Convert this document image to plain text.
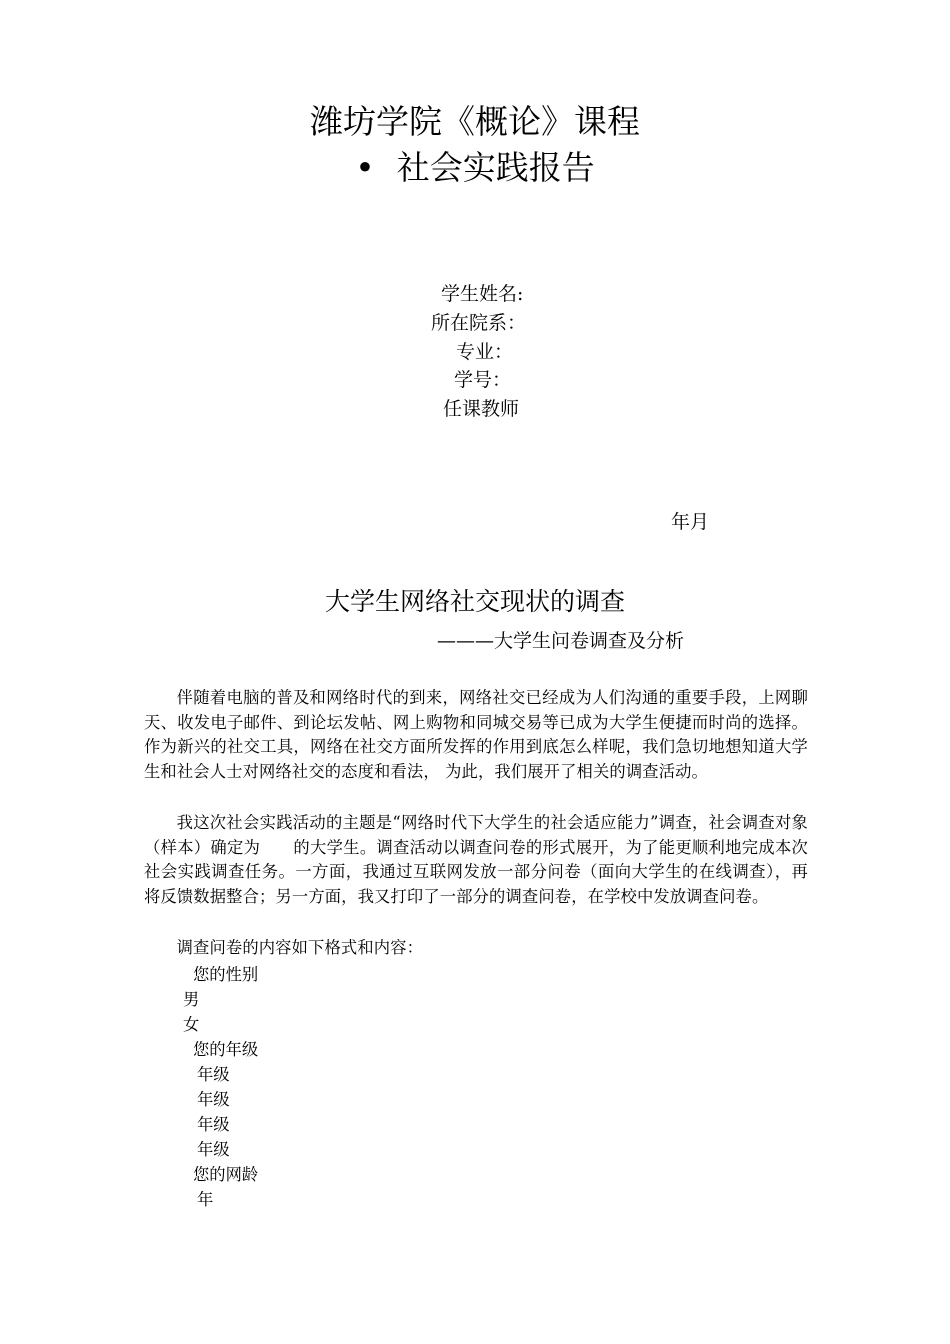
潍坊学院《概论》课程
• 社会实践报告
学生姓名:
所在院系：
专业：
学号：
任课教师
年月
大学生网络社交现状的调查
———大学生问卷调查及分析

伴随着电脑的普及和网络时代的到来，网络社交已经成为人们沟通的重要手段，上网聊天、收发电子邮件、到论坛发帖、网上购物和同城交易等已成为大学生便捷而时尚的选择。作为新兴的社交工具，网络在社交方面所发挥的作用到底怎么样呢，我们急切地想知道大学生和社会人士对网络社交的态度和看法， 为此，我们展开了相关的调查活动。

我这次社会实践活动的主题是“网络时代下大学生的社会适应能力”调查，社会调查对象（样本）确定为　　的大学生。调查活动以调查问卷的形式展开，为了能更顺利地完成本次社会实践调查任务。一方面，我通过互联网发放一部分问卷（面向大学生的在线调查），再将反馈数据整合；另一方面，我又打印了一部分的调查问卷，在学校中发放调查问卷。

调查问卷的内容如下格式和内容：

您的性别
男
女
您的年级
年级
年级
年级
年级
您的网龄
年
